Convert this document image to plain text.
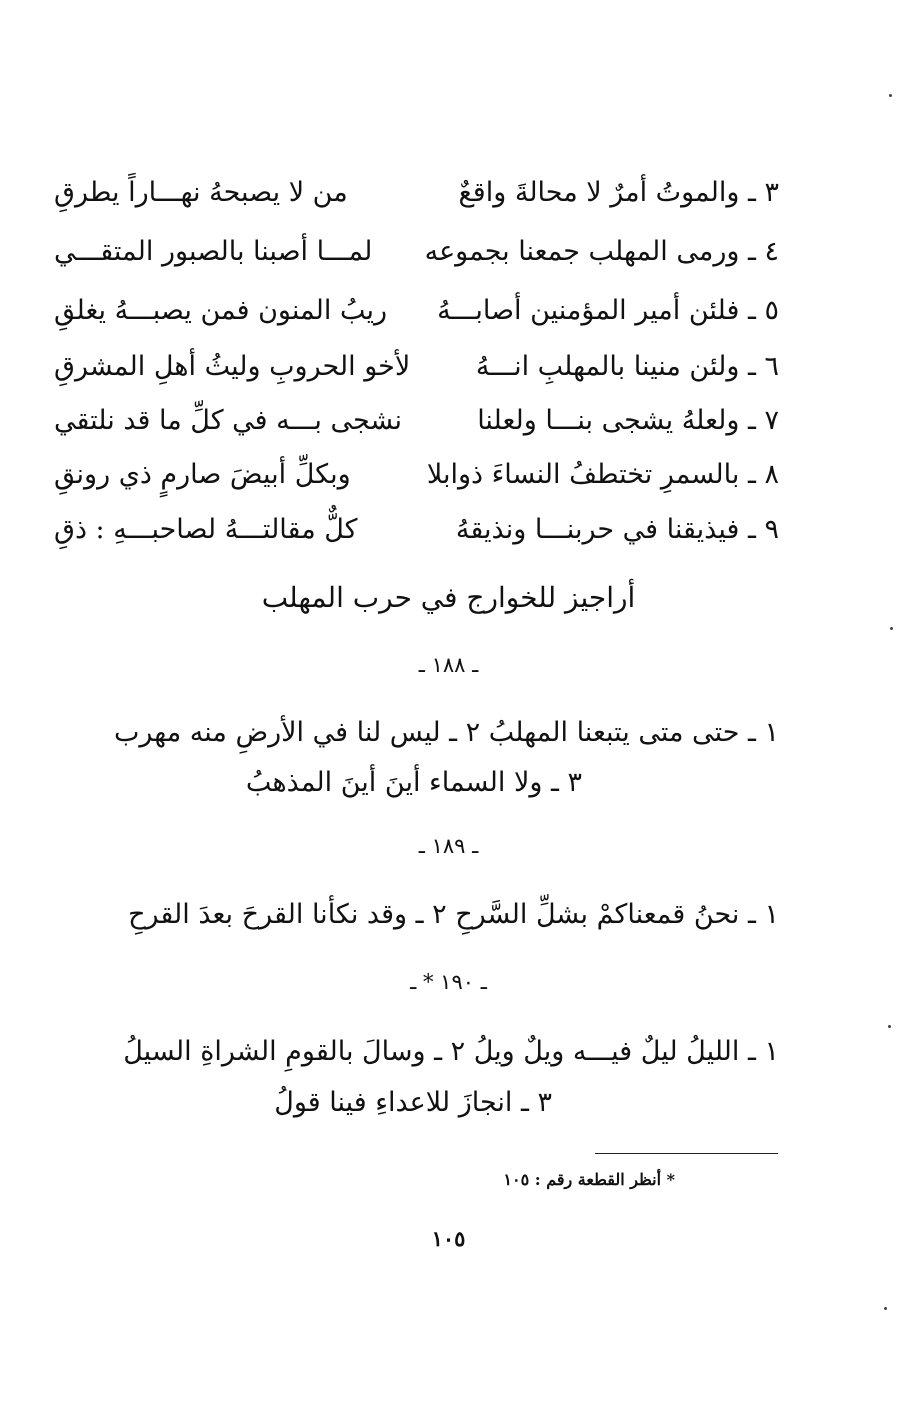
٣ ـ والموتُ أمرٌ لا محالةَ واقعٌ
من لا يصبحهُ نهـــاراً يطرقِ
٤ ـ ورمى المهلب جمعنا بجموعه
لمـــا أصبنا بالصبور المتقـــي
٥ ـ فلئن أمير المؤمنين أصابـــهُ
ريبُ المنون فمن يصبـــهُ يغلقِ
٦ ـ ولئن منينا بالمهلبِ انـــهُ
لأخو الحروبِ وليثُ أهلِ المشرقِ
٧ ـ ولعلهُ يشجى بنـــا ولعلنا
نشجى بـــه في كلِّ ما قد نلتقي
٨ ـ بالسمرِ تختطفُ النساءَ ذوابلا
وبكلِّ أبيضَ صارمٍ ذي رونقِ
٩ ـ فيذيقنا في حربنـــا ونذيقهُ
كلٌّ مقالتـــهُ لصاحبـــهِ : ذقِ
أراجيز للخوارج في حرب المهلب
ـ ١٨٨ ـ
١ ـ حتى متى يتبعنا المهلبُ ٢ ـ ليس لنا في الأرضِ منه مهرب
٣ ـ ولا السماء أينَ أينَ المذهبُ
ـ ١٨٩ ـ
١ ـ نحنُ قمعناكمْ بشلِّ السَّرحِ ٢ ـ وقد نكأنا القرحَ بعدَ القرحِ
ـ ١٩٠ * ـ
١ ـ الليلُ ليلٌ فيـــه ويلٌ ويلُ ٢ ـ وسالَ بالقومِ الشراةِ السيلُ
٣ ـ انجازَ للاعداءِ فينا قولُ
* أنظر القطعة رقم : ١٠٥
١٠٥
